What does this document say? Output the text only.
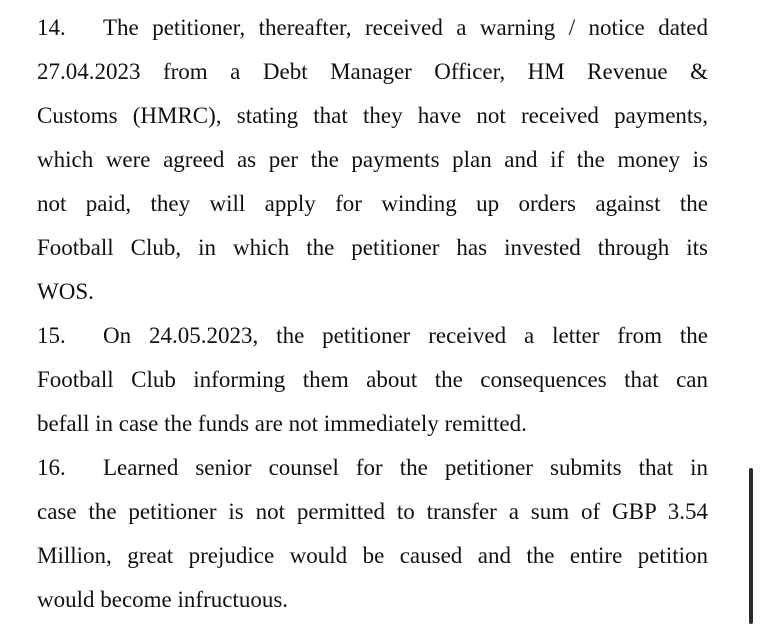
14. The petitioner, thereafter, received a warning / notice dated

27.04.2023 from a Debt Manager Officer, HM Revenue &

Customs (HMRC), stating that they have not received payments,

which were agreed as per the payments plan and if the money is

not paid, they will apply for winding up orders against the

Football Club, in which the petitioner has invested through its

WOS.

15. On 24.05.2023, the petitioner received a letter from the

Football Club informing them about the consequences that can

befall in case the funds are not immediately remitted.

16. Learned senior counsel for the petitioner submits that in

case the petitioner is not permitted to transfer a sum of GBP 3.54

Million, great prejudice would be caused and the entire petition

would become infructuous.
